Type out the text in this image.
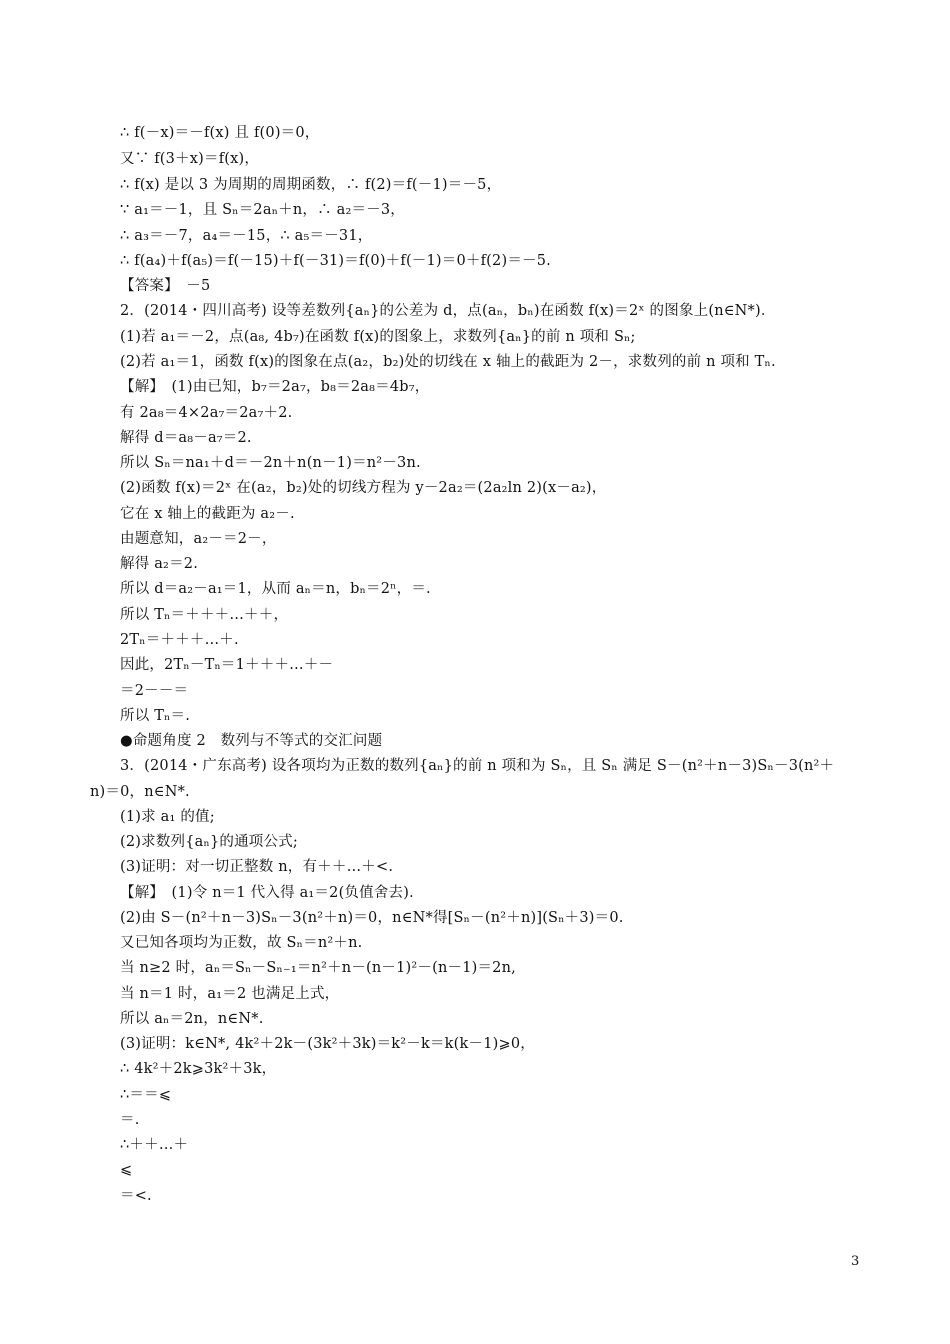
∴ f(－x)＝－f(x) 且 f(0)＝0，
又∵ f(3＋x)＝f(x)，
∴ f(x) 是以 3 为周期的周期函数，∴ f(2)＝f(－1)＝－5，
∵ a₁＝－1，且 Sₙ＝2aₙ＋n，∴ a₂＝－3，
∴ a₃＝－7，a₄＝－15，∴ a₅＝－31，
∴ f(a₄)＋f(a₅)＝f(－15)＋f(－31)＝f(0)＋f(－1)＝0＋f(2)＝－5.
【答案】　－5
2．(2014・四川高考) 设等差数列{aₙ}的公差为 d，点(aₙ，bₙ)在函数 f(x)＝2ˣ 的图象上(n∈N*)．
(1)若 a₁＝－2，点(a₈, 4b₇)在函数 f(x)的图象上，求数列{aₙ}的前 n 项和 Sₙ;
(2)若 a₁＝1，函数 f(x)的图象在点(a₂，b₂)处的切线在 x 轴上的截距为 2－，求数列的前 n 项和 Tₙ.
【解】　(1)由已知，b₇＝2a₇，b₈＝2a₈＝4b₇，
有 2a₈＝4×2a₇＝2a₇＋2.
解得 d＝a₈－a₇＝2.
所以 Sₙ＝na₁＋d＝－2n＋n(n－1)＝n²－3n.
(2)函数 f(x)＝2ˣ 在(a₂，b₂)处的切线方程为 y－2a₂＝(2a₂ln 2)(x－a₂)，
它在 x 轴上的截距为 a₂－.
由题意知，a₂－＝2－，
解得 a₂＝2.
所以 d＝a₂－a₁＝1，从而 aₙ＝n，bₙ＝2ⁿ，＝.
所以 Tₙ＝＋＋＋…＋＋，
2Tₙ＝＋＋＋…＋.
因此，2Tₙ－Tₙ＝1＋＋＋…＋－
＝2－－＝
所以 Tₙ＝.
●命题角度 2　数列与不等式的交汇问题
3．(2014・广东高考) 设各项均为正数的数列{aₙ}的前 n 项和为 Sₙ，且 Sₙ 满足 S－(n²＋n－3)Sₙ－3(n²＋
n)＝0，n∈N*.
(1)求 a₁ 的值;
(2)求数列{aₙ}的通项公式;
(3)证明：对一切正整数 n，有＋＋…＋<.
【解】　(1)令 n＝1 代入得 a₁＝2(负值舍去)．
(2)由 S－(n²＋n－3)Sₙ－3(n²＋n)＝0，n∈N*得[Sₙ－(n²＋n)](Sₙ＋3)＝0.
又已知各项均为正数，故 Sₙ＝n²＋n.
当 n≥2 时，aₙ＝Sₙ－Sₙ₋₁＝n²＋n－(n－1)²－(n－1)＝2n,
当 n＝1 时，a₁＝2 也满足上式，
所以 aₙ＝2n，n∈N*.
(3)证明：k∈N*, 4k²＋2k－(3k²＋3k)＝k²－k＝k(k－1)⩾0，
∴ 4k²＋2k⩾3k²＋3k，
∴＝＝⩽
＝.
∴＋＋…＋
⩽
＝<.
3
